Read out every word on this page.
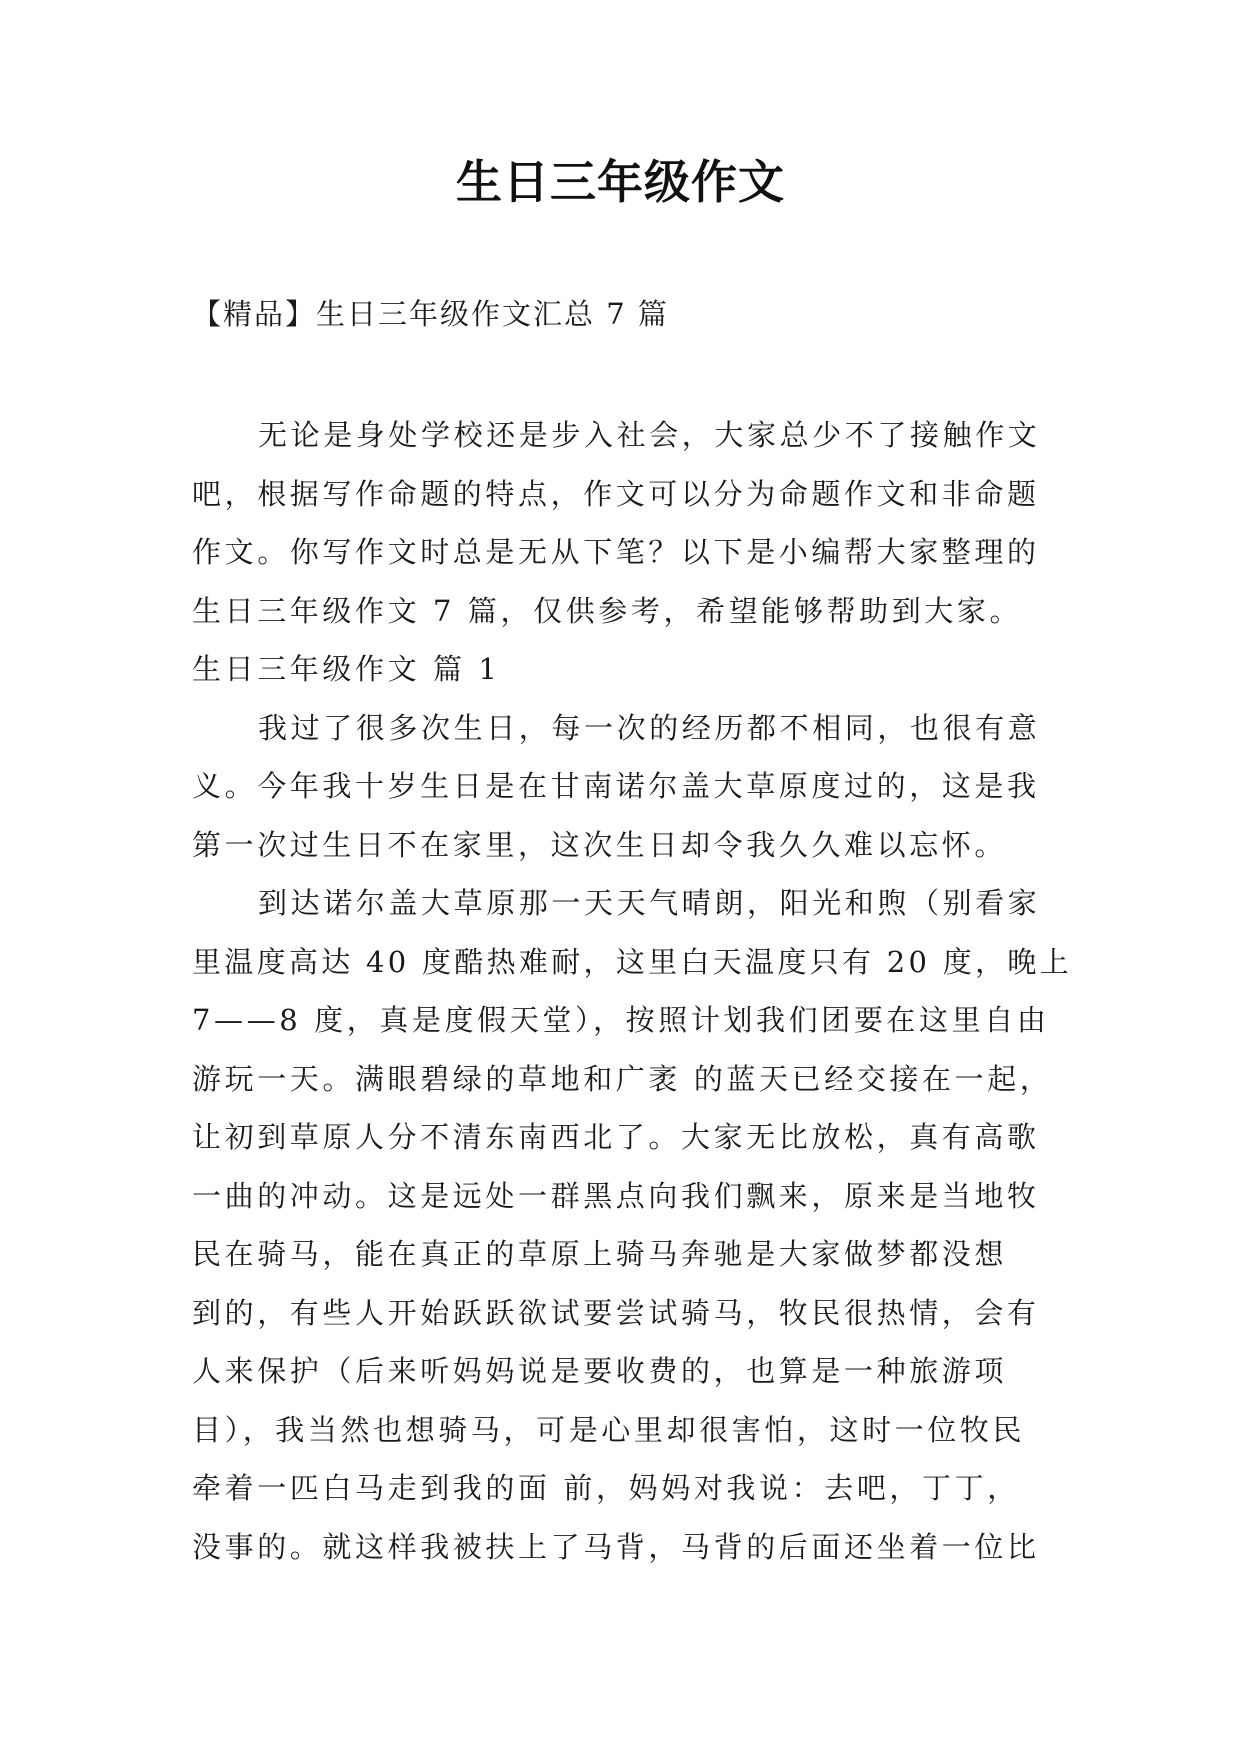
生日三年级作文
【精品】生日三年级作文汇总 7 篇
无论是身处学校还是步入社会，大家总少不了接触作文
吧，根据写作命题的特点，作文可以分为命题作文和非命题
作文。你写作文时总是无从下笔？以下是小编帮大家整理的
生日三年级作文 7 篇，仅供参考，希望能够帮助到大家。
生日三年级作文 篇 1
我过了很多次生日，每一次的经历都不相同，也很有意
义。今年我十岁生日是在甘南诺尔盖大草原度过的，这是我
第一次过生日不在家里，这次生日却令我久久难以忘怀。
到达诺尔盖大草原那一天天气晴朗，阳光和煦（别看家
里温度高达 40 度酷热难耐，这里白天温度只有 20 度，晚上
7——8 度，真是度假天堂），按照计划我们团要在这里自由
游玩一天。满眼碧绿的草地和广袤 的蓝天已经交接在一起，
让初到草原人分不清东南西北了。大家无比放松，真有高歌
一曲的冲动。这是远处一群黑点向我们飘来，原来是当地牧
民在骑马，能在真正的草原上骑马奔驰是大家做梦都没想
到的，有些人开始跃跃欲试要尝试骑马，牧民很热情，会有
人来保护（后来听妈妈说是要收费的，也算是一种旅游项
目），我当然也想骑马，可是心里却很害怕，这时一位牧民
牵着一匹白马走到我的面 前，妈妈对我说：去吧，丁丁，
没事的。就这样我被扶上了马背，马背的后面还坐着一位比
